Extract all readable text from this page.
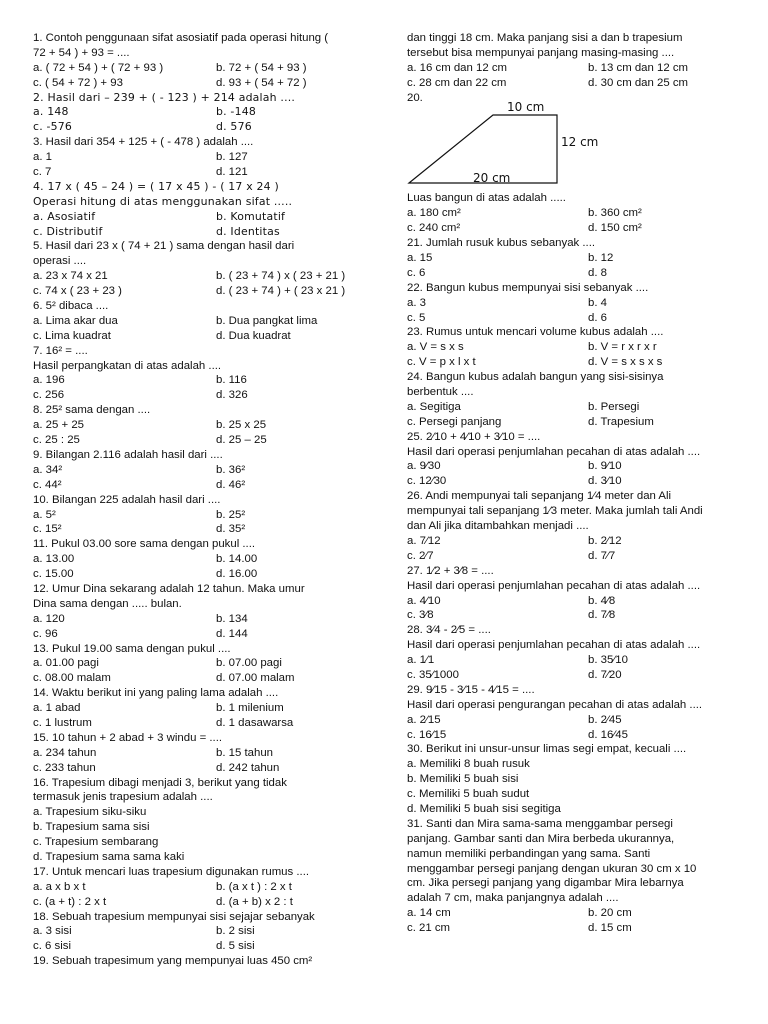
1. Contoh penggunaan sifat asosiatif pada operasi hitung (
72 + 54 ) + 93 = ....
a. ( 72 + 54 ) + ( 72 + 93 )	b. 72 + ( 54 + 93 )
c. ( 54 + 72 ) + 93	d. 93 + ( 54 + 72 )
2. Hasil dari – 239 + ( - 123 ) + 214 adalah ....
a. 148	b. -148
c. -576	d. 576
3. Hasil dari 354 + 125 + ( - 478 ) adalah ....
a. 1	b. 127
c. 7	d. 121
4. 17 x ( 45 – 24 ) = ( 17 x 45 ) - ( 17 x 24 )
Operasi hitung di atas menggunakan sifat .....
a. Asosiatif	b. Komutatif
c. Distributif	d. Identitas
5. Hasil dari 23 x ( 74 + 21 ) sama dengan hasil dari
operasi ....
a. 23 x 74 x 21	b. ( 23 + 74 ) x ( 23 + 21 )
c. 74 x ( 23 + 23 )	d. ( 23 + 74 ) + ( 23 x 21 )
6. 5² dibaca ....
a. Lima akar dua	b. Dua pangkat lima
c. Lima kuadrat	d. Dua kuadrat
7. 16² = ....
Hasil perpangkatan di atas adalah ....
a. 196	b. 116
c. 256	d. 326
8. 25² sama dengan ....
a. 25 + 25	b. 25 x 25
c. 25 : 25	d. 25 – 25
9. Bilangan 2.116 adalah hasil dari ....
a. 34²	b. 36²
c. 44²	d. 46²
10. Bilangan 225 adalah hasil dari ....
a. 5²	b. 25²
c. 15²	d. 35²
11. Pukul 03.00 sore sama dengan pukul ....
a. 13.00	b. 14.00
c. 15.00	d. 16.00
12. Umur Dina sekarang adalah 12 tahun. Maka umur
Dina sama dengan ..... bulan.
a. 120	b. 134
c. 96	d. 144
13. Pukul 19.00 sama dengan pukul ....
a. 01.00 pagi	b. 07.00 pagi
c. 08.00 malam	d. 07.00 malam
14. Waktu berikut ini yang paling lama adalah ....
a. 1 abad	b. 1 milenium
c. 1 lustrum	d. 1 dasawarsa
15. 10 tahun + 2 abad + 3 windu = ....
a. 234 tahun	b. 15 tahun
c. 233 tahun	d. 242 tahun
16. Trapesium dibagi menjadi 3, berikut yang tidak
termasuk jenis trapesium adalah ....
a. Trapesium siku-siku
b. Trapesium sama sisi
c. Trapesium sembarang
d. Trapesium sama sama kaki
17. Untuk mencari luas trapesium digunakan rumus ....
a. a x b x t	b. (a x t ) : 2 x t
c. (a + t) : 2 x t	d. (a + b) x 2 : t
18. Sebuah trapesium mempunyai sisi sejajar sebanyak
a. 3 sisi	b. 2 sisi
c. 6 sisi	d. 5 sisi
19. Sebuah trapesimum yang mempunyai luas 450 cm²
dan tinggi 18 cm. Maka panjang sisi a dan b trapesium
tersebut bisa mempunyai panjang masing-masing ....
a. 16 cm dan 12 cm	b. 13 cm dan 12 cm
c. 28 cm dan 22 cm	d. 30 cm dan 25 cm
20.
10 cm
12 cm
20 cm
Luas bangun di atas adalah .....
a. 180 cm²	b. 360 cm²
c. 240 cm²	d. 150 cm²
21. Jumlah rusuk kubus sebanyak ....
a. 15	b. 12
c. 6	d. 8
22. Bangun kubus mempunyai sisi sebanyak ....
a. 3	b. 4
c. 5	d. 6
23. Rumus untuk mencari volume kubus adalah ....
a. V = s x s	b. V = r x r x r
c. V = p x l x t	d. V = s x s x s
24. Bangun kubus adalah bangun yang sisi-sisinya
berbentuk ....
a. Segitiga	b. Persegi
c. Persegi panjang	d. Trapesium
25. 2⁄10 + 4⁄10 + 3⁄10 = ....
Hasil dari operasi penjumlahan pecahan di atas adalah ....
a. 9⁄30	b. 9⁄10
c. 12⁄30	d. 3⁄10
26. Andi mempunyai tali sepanjang 1⁄4 meter dan Ali
mempunyai tali sepanjang 1⁄3 meter. Maka jumlah tali Andi
dan Ali jika ditambahkan menjadi ....
a. 7⁄12	b. 2⁄12
c. 2⁄7	d. 7⁄7
27. 1⁄2 + 3⁄8 = ....
Hasil dari operasi penjumlahan pecahan di atas adalah ....
a. 4⁄10	b. 4⁄8
c. 3⁄8	d. 7⁄8
28. 3⁄4 - 2⁄5 = ....
Hasil dari operasi penjumlahan pecahan di atas adalah ....
a. 1⁄1	b. 35⁄10
c. 35⁄1000	d. 7⁄20
29. 9⁄15 - 3⁄15 - 4⁄15 = ....
Hasil dari operasi pengurangan pecahan di atas adalah ....
a. 2⁄15	b. 2⁄45
c. 16⁄15	d. 16⁄45
30. Berikut ini unsur-unsur limas segi empat, kecuali ....
a. Memiliki 8 buah rusuk
b. Memiliki 5 buah sisi
c. Memiliki 5 buah sudut
d. Memiliki 5 buah sisi segitiga
31. Santi dan Mira sama-sama menggambar persegi
panjang. Gambar santi dan Mira berbeda ukurannya,
namun memiliki perbandingan yang sama. Santi
menggambar persegi panjang dengan ukuran 30 cm x 10
cm. Jika persegi panjang yang digambar Mira lebarnya
adalah 7 cm, maka panjangnya adalah ....
a. 14 cm	b. 20 cm
c. 21 cm	d. 15 cm
